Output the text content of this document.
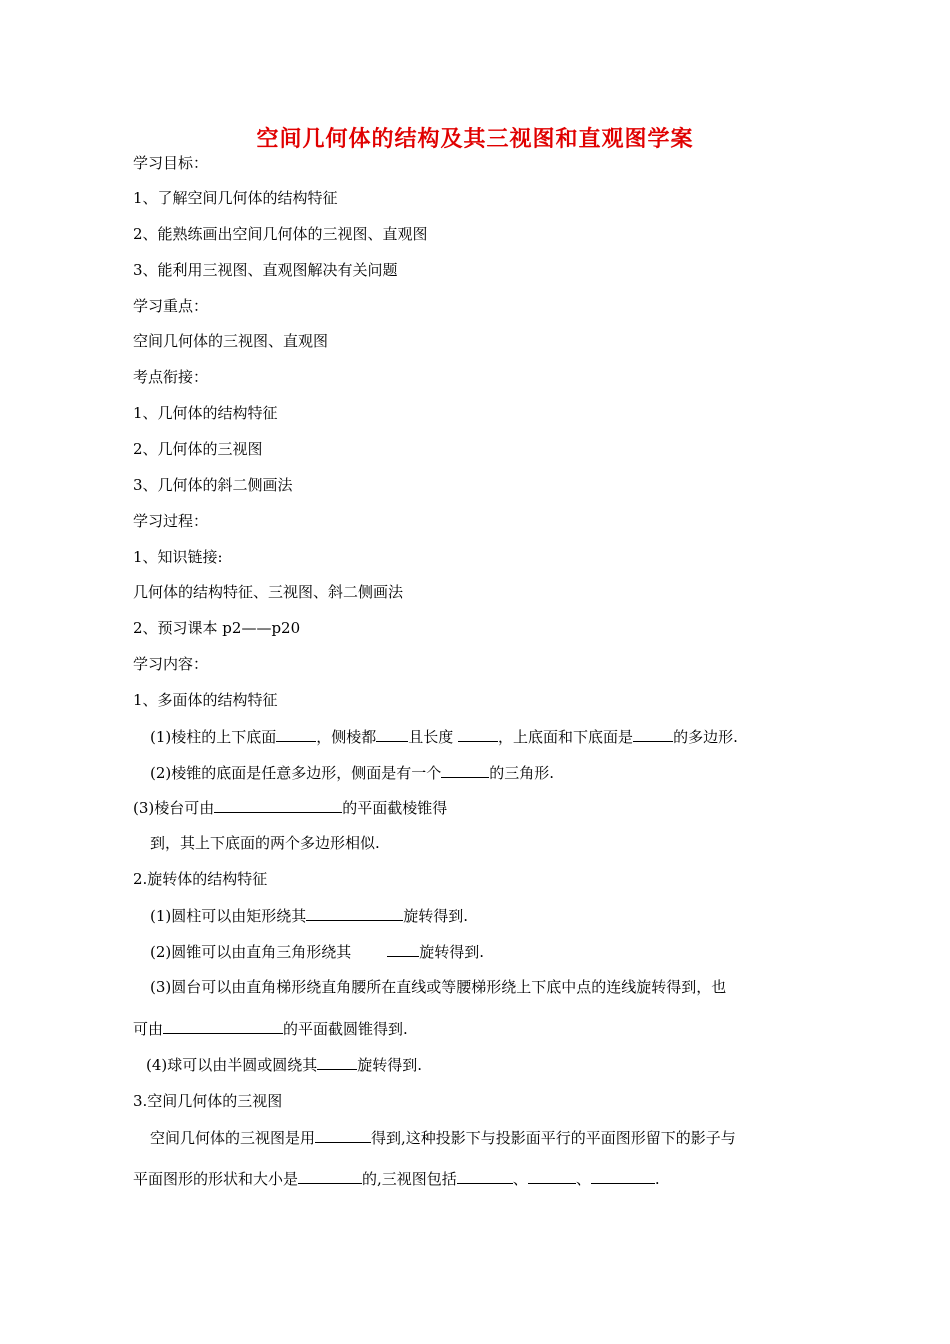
空间几何体的结构及其三视图和直观图学案
学习目标：
1、了解空间几何体的结构特征
2、能熟练画出空间几何体的三视图、直观图
3、能利用三视图、直观图解决有关问题
学习重点：
空间几何体的三视图、直观图
考点衔接：
1、几何体的结构特征
2、几何体的三视图
3、几何体的斜二侧画法
学习过程：
1、知识链接:
几何体的结构特征、三视图、斜二侧画法
2、预习课本 p2——p20
学习内容：
1、多面体的结构特征
(1)棱柱的上下底面	，侧棱都 且长度	，上底面和下底面是	的多边形.
(2)棱锥的底面是任意多边形，侧面是有一个	的三角形.
(3)棱台可由	的平面截棱锥得
到，其上下底面的两个多边形相似.
2.旋转体的结构特征
(1)圆柱可以由矩形绕其	旋转得到.
(2)圆锥可以由直角三角形绕其	旋转得到.
(3)圆台可以由直角梯形绕直角腰所在直线或等腰梯形绕上下底中点的连线旋转得到，也
可由	的平面截圆锥得到.
(4)球可以由半圆或圆绕其	旋转得到.
3.空间几何体的三视图
空间几何体的三视图是用	得到,这种投影下与投影面平行的平面图形留下的影子与
平面图形的形状和大小是	的,三视图包括	、	、	.
